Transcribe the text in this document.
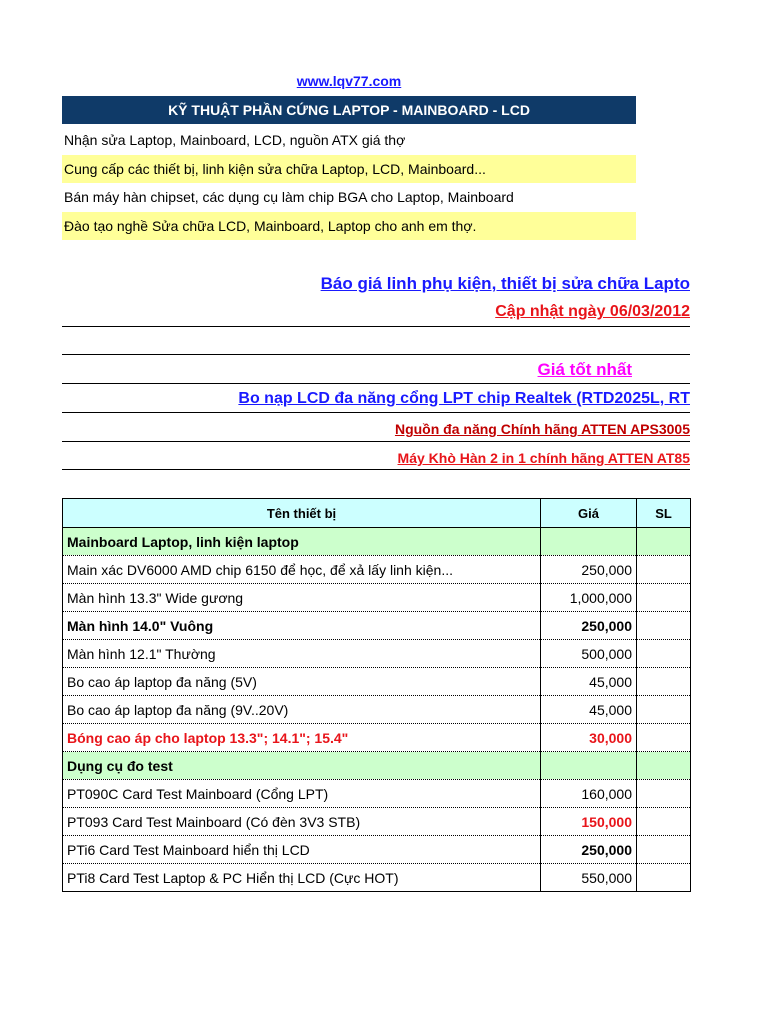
www.lqv77.com
KỸ THUẬT PHẦN CỨNG LAPTOP - MAINBOARD - LCD
Nhận sửa Laptop, Mainboard, LCD, nguồn ATX giá thợ
Cung cấp các thiết bị, linh kiện sửa chữa Laptop, LCD, Mainboard...
Bán máy hàn chipset, các dụng cụ làm chip BGA cho Laptop, Mainboard
Đào tạo nghề Sửa chữa LCD, Mainboard, Laptop cho anh em thợ.
Báo giá linh phụ kiện, thiết bị sửa chữa Lapto
Cập nhật ngày 06/03/2012
Giá tốt nhất
Bo nạp LCD đa năng cổng LPT chip Realtek (RTD2025L, RT
Nguồn đa năng Chính hãng ATTEN APS3005
Máy Khò Hàn 2 in 1 chính hãng ATTEN AT85
Tên thiết bị	Giá	SL
Mainboard Laptop, linh kiện laptop		
Main xác DV6000 AMD chip 6150 để học, để xả lấy linh kiện...	250,000	
Màn hình 13.3" Wide gương	1,000,000	
Màn hình 14.0" Vuông	250,000	
Màn hình 12.1" Thường	500,000	
Bo cao áp laptop đa năng (5V)	45,000	
Bo cao áp laptop đa năng (9V..20V)	45,000	
Bóng cao áp cho laptop 13.3"; 14.1"; 15.4"	30,000	
Dụng cụ đo test		
PT090C Card Test Mainboard (Cổng LPT)	160,000	
PT093 Card Test Mainboard (Có đèn 3V3 STB)	150,000	
PTi6 Card Test Mainboard hiển thị LCD	250,000	
PTi8 Card Test Laptop & PC Hiển thị LCD (Cực HOT)	550,000	
